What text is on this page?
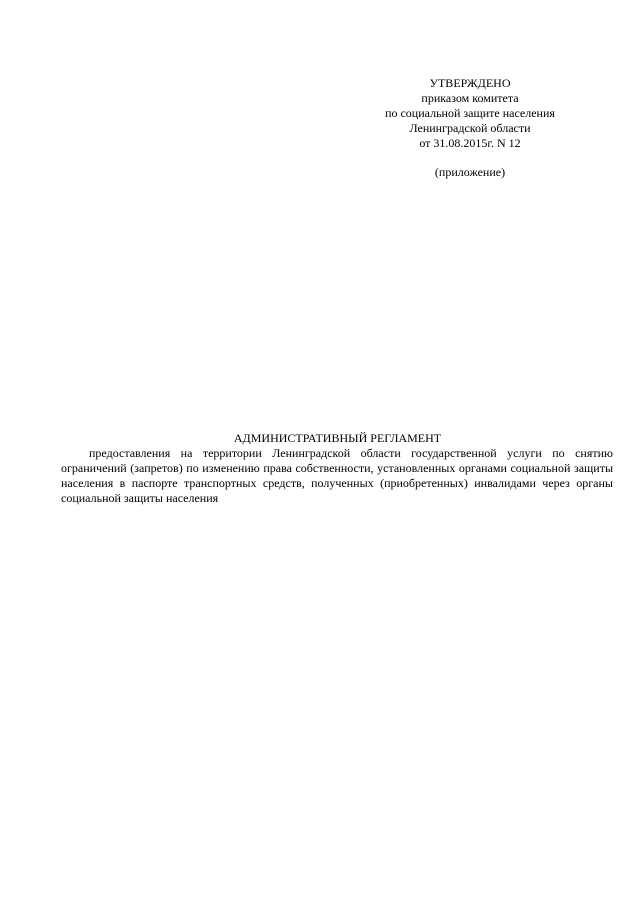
УТВЕРЖДЕНО
приказом комитета
по социальной защите населения
Ленинградской области
от 31.08.2015г. N 12
(приложение)
АДМИНИСТРАТИВНЫЙ РЕГЛАМЕНТ

предоставления на территории Ленинградской области государственной услуги по снятию ограничений (запретов) по изменению права собственности, установленных органами социальной защиты населения в паспорте транспортных средств, полученных (приобретенных) инвалидами через органы социальной защиты населения
